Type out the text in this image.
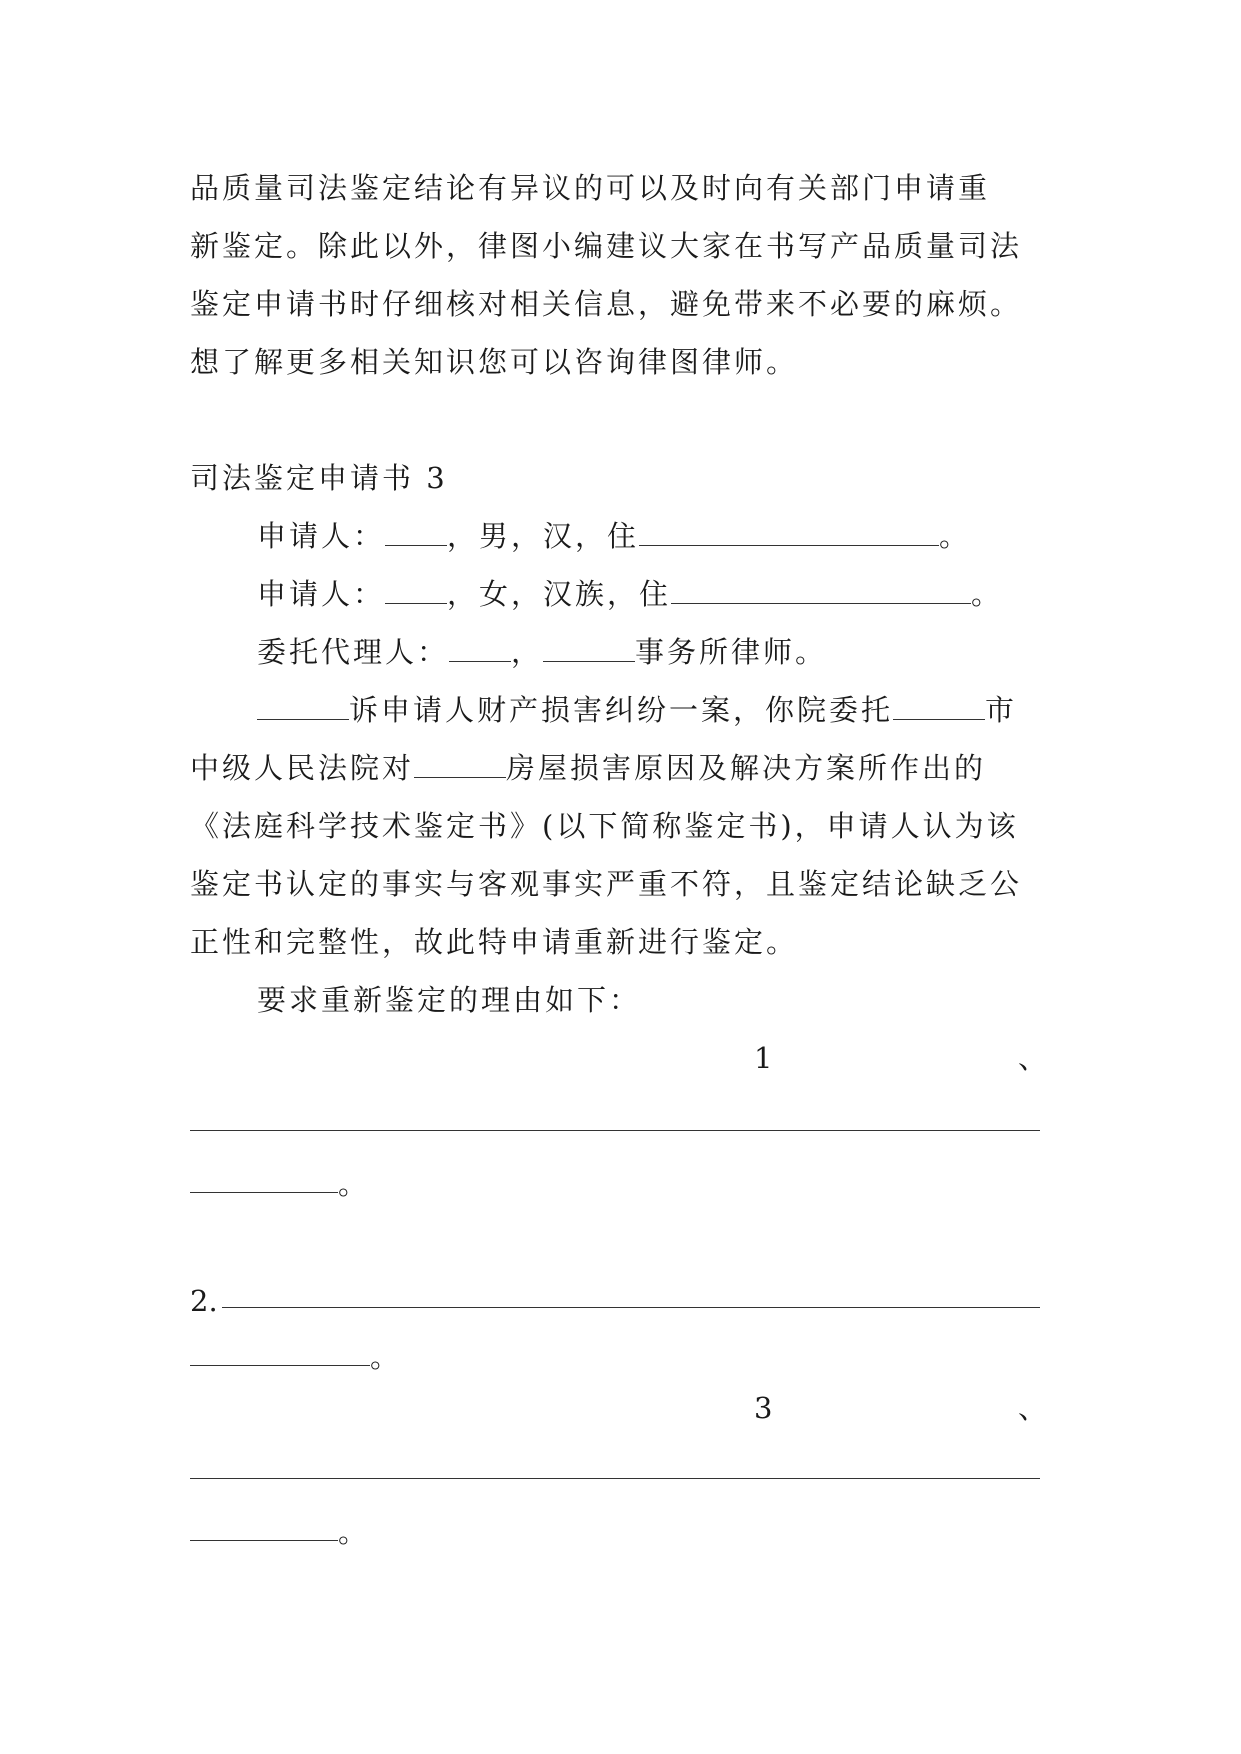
品质量司法鉴定结论有异议的可以及时向有关部门申请重
新鉴定。除此以外，律图小编建议大家在书写产品质量司法
鉴定申请书时仔细核对相关信息，避免带来不必要的麻烦。
想了解更多相关知识您可以咨询律图律师。
司法鉴定申请书 3
申请人： ，男，汉，住	。
申请人： ，女，汉族，住	。
委托代理人： ，	事务所律师。
诉申请人财产损害纠纷一案，你院委托	市
中级人民法院对	房屋损害原因及解决方案所作出的
《法庭科学技术鉴定书》(以下简称鉴定书)，申请人认为该
鉴定书认定的事实与客观事实严重不符，且鉴定结论缺乏公
正性和完整性，故此特申请重新进行鉴定。
要求重新鉴定的理由如下：
1	、
。
2.
。
3	、
。
